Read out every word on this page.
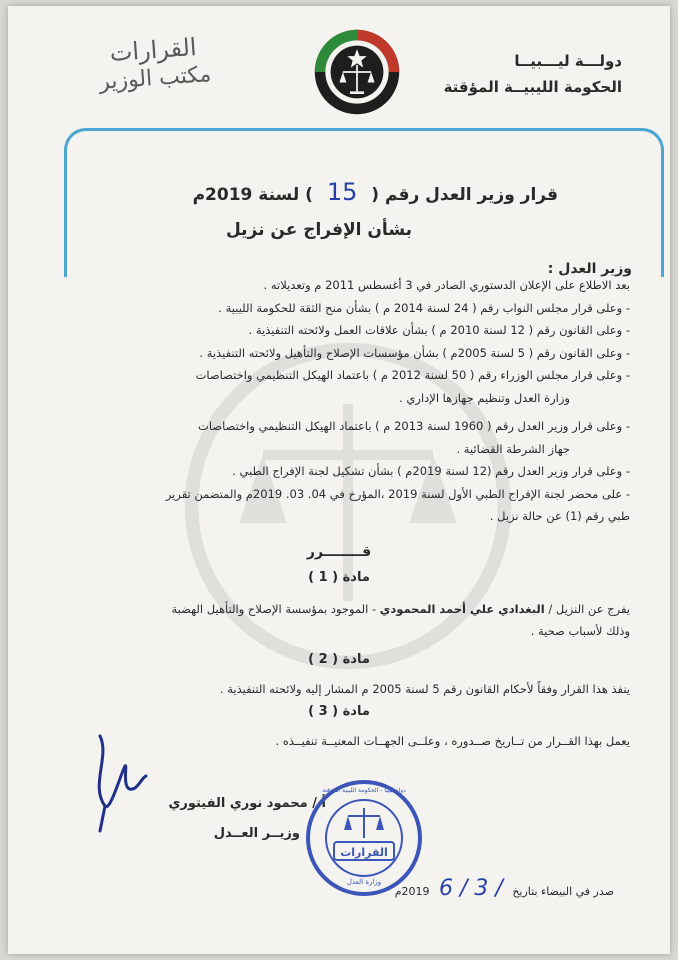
دولـــة ليـــبيــا
الحكومة الليبيــة المؤقتة
القرارات
مكتب الوزير
قرار وزير العدل رقم ( 15 ) لسنة 2019م
بشأن الإفراج عن نزيل
وزير العدل :
بعد الاطلاع على الإعلان الدستوري الصادر في 3 أغسطس 2011 م وتعديلاته .
- وعلى قرار مجلس النواب رقم ( 24 لسنة 2014 م ) بشأن منح الثقة للحكومة الليبية .
- وعلى القانون رقم ( 12 لسنة 2010 م ) بشأن علاقات العمل ولائحته التنفيذية .
- وعلى القانون رقم ( 5 لسنة 2005م ) بشأن مؤسسات الإصلاح والتأهيل ولائحته التنفيذية .
- وعلى قرار مجلس الوزراء رقم ( 50 لسنة 2012 م ) باعتماد الهيكل التنظيمي واختصاصات
وزارة العدل وتنظيم جهازها الإداري .
- وعلى قرار وزير العدل رقم ( 1960 لسنة 2013 م ) باعتماد الهيكل التنظيمي واختصاصات
جهاز الشرطة القضائية .
- وعلى قرار وزير العدل رقم (12 لسنة 2019م ) بشأن تشكيل لجنة الإفراج الطبي .
- على محضر لجنة الإفراج الطبي الأول لسنة 2019 ،المؤرخ في 04. 03. 2019م والمتضمن تقرير
طبي رقم (1) عن حالة نزيل .
قــــــــرر
مادة ( 1 )
يفرج عن النزيل / البغدادي علي أحمد المحمودي - الموجود بمؤسسة الإصلاح والتأهيل الهضبة
وذلك لأسباب صحية .
مادة ( 2 )
ينفذ هذا القرار وفقاً لأحكام القانون رقم 5 لسنة 2005 م المشار إليه ولائحته التنفيذية .
مادة ( 3 )
يعمل بهذا القــرار من تــاريخ صــدوره ، وعلــى الجهــات المعنيــة تنفيــذه .
أ / محمود نوري الفيتوري
وزيــر العــدل
القرارات
وزارة العدل
دولة ليبيا - الحكومة الليبية المؤقتة
صدر في البيضاء بتاريخ / 3 / 6 2019م
